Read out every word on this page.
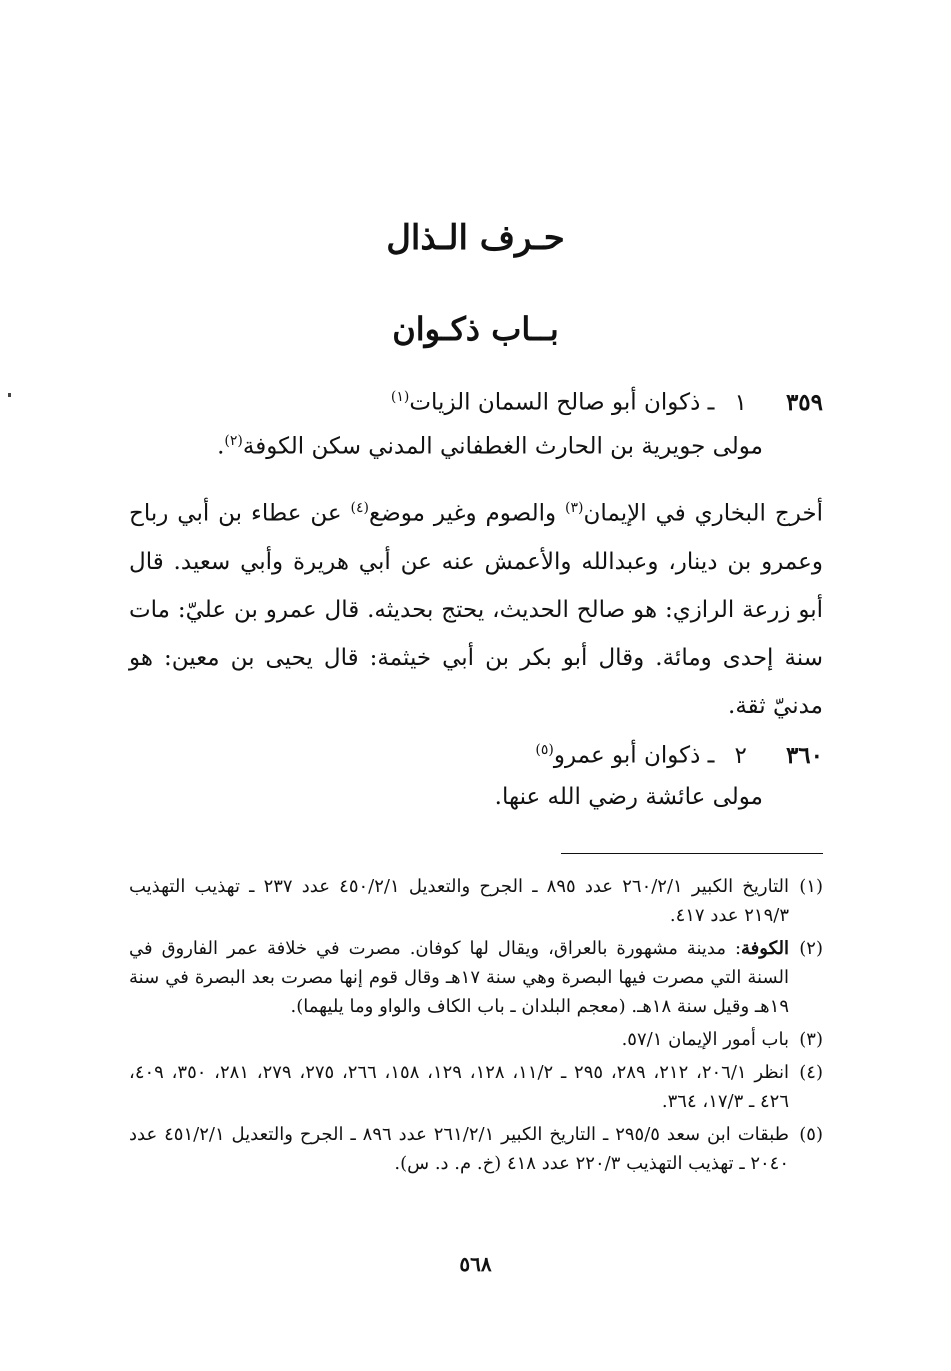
حـرف الـذال
بــاب ذكـوان
٣٥٩ ١ ـ ذكوان أبو صالح السمان الزيات$^{(١)}$
مولى جويرية بن الحارث الغطفاني المدني سكن الكوفة$^{(٢)}$.
أخرج البخاري في الإيمان$^{(٣)}$ والصوم وغير موضع$^{(٤)}$ عن عطاء بن أبي رباح وعمرو بن دينار، وعبدالله والأعمش عنه عن أبي هريرة وأبي سعيد. قال أبو زرعة الرازي: هو صالح الحديث، يحتج بحديثه. قال عمرو بن عليّ: مات سنة إحدى ومائة. وقال أبو بكر بن أبي خيثمة: قال يحيى بن معين: هو مدنيّ ثقة.
٣٦٠ ٢ ـ ذكوان أبو عمرو$^{(٥)}$
مولى عائشة رضي الله عنها.
(١)
التاريخ الكبير ٢٦٠/٢/١ عدد ٨٩٥ ـ الجرح والتعديل ٤٥٠/٢/١ عدد ٢٣٧ ـ تهذيب التهذيب ٢١٩/٣ عدد ٤١٧.
(٢)
الكوفة: مدينة مشهورة بالعراق، ويقال لها كوفان. مصرت في خلافة عمر الفاروق في السنة التي مصرت فيها البصرة وهي سنة ١٧هـ وقال قوم إنها مصرت بعد البصرة في سنة ١٩هـ وقيل سنة ١٨هـ. (معجم البلدان ـ باب الكاف والواو وما يليهما).
(٣)
باب أمور الإيمان ٥٧/١.
(٤)
انظر ٢٠٦/١، ٢١٢، ٢٨٩، ٢٩٥ ـ ١١/٢، ١٢٨، ١٢٩، ١٥٨، ٢٦٦، ٢٧٥، ٢٧٩، ٢٨١، ٣٥٠، ٤٠٩، ٤٢٦ ـ ١٧/٣، ٣٦٤.
(٥)
طبقات ابن سعد ٢٩٥/٥ ـ التاريخ الكبير ٢٦١/٢/١ عدد ٨٩٦ ـ الجرح والتعديل ٤٥١/٢/١ عدد ٢٠٤٠ ـ تهذيب التهذيب ٢٢٠/٣ عدد ٤١٨ (خ. م. د. س).
٥٦٨
